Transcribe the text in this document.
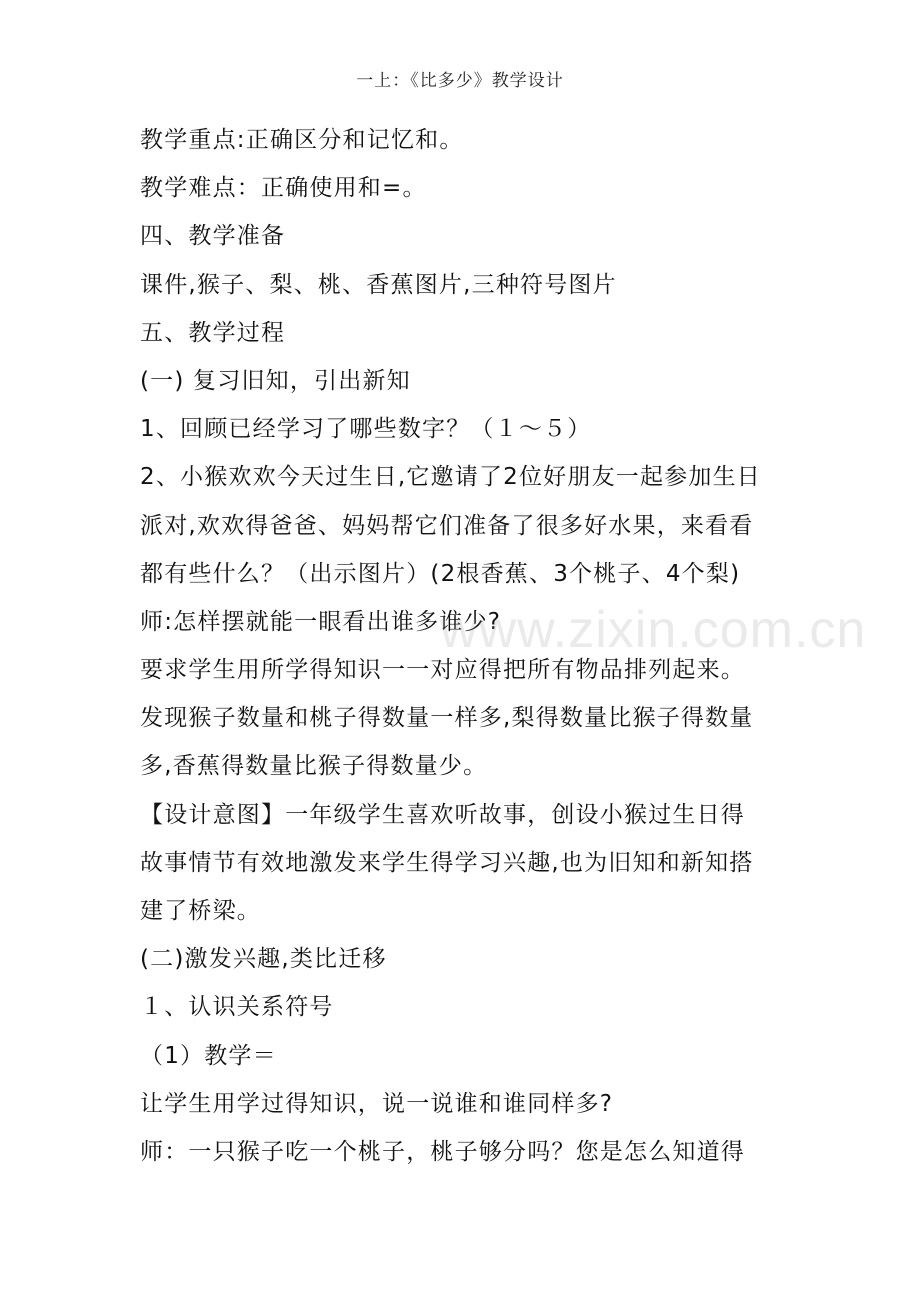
一上：《比多少》教学设计
教学重点:正确区分和记忆和。
教学难点：正确使用和=。
四、教学准备
课件,猴子、梨、桃、香蕉图片,三种符号图片
五、教学过程
(一) 复习旧知，引出新知
1、回顾已经学习了哪些数字？（１～５）
2、小猴欢欢今天过生日,它邀请了2位好朋友一起参加生日
派对,欢欢得爸爸、妈妈帮它们准备了很多好水果，来看看
都有些什么？（出示图片）(2根香蕉、3个桃子、4个梨)
师:怎样摆就能一眼看出谁多谁少?
要求学生用所学得知识一一对应得把所有物品排列起来。
发现猴子数量和桃子得数量一样多,梨得数量比猴子得数量
多,香蕉得数量比猴子得数量少。
【设计意图】一年级学生喜欢听故事，创设小猴过生日得
故事情节有效地激发来学生得学习兴趣,也为旧知和新知搭
建了桥梁。
(二)激发兴趣,类比迁移
１、认识关系符号
（1）教学＝
让学生用学过得知识，说一说谁和谁同样多?
师：一只猴子吃一个桃子，桃子够分吗？您是怎么知道得
www.zixin.com.cn
